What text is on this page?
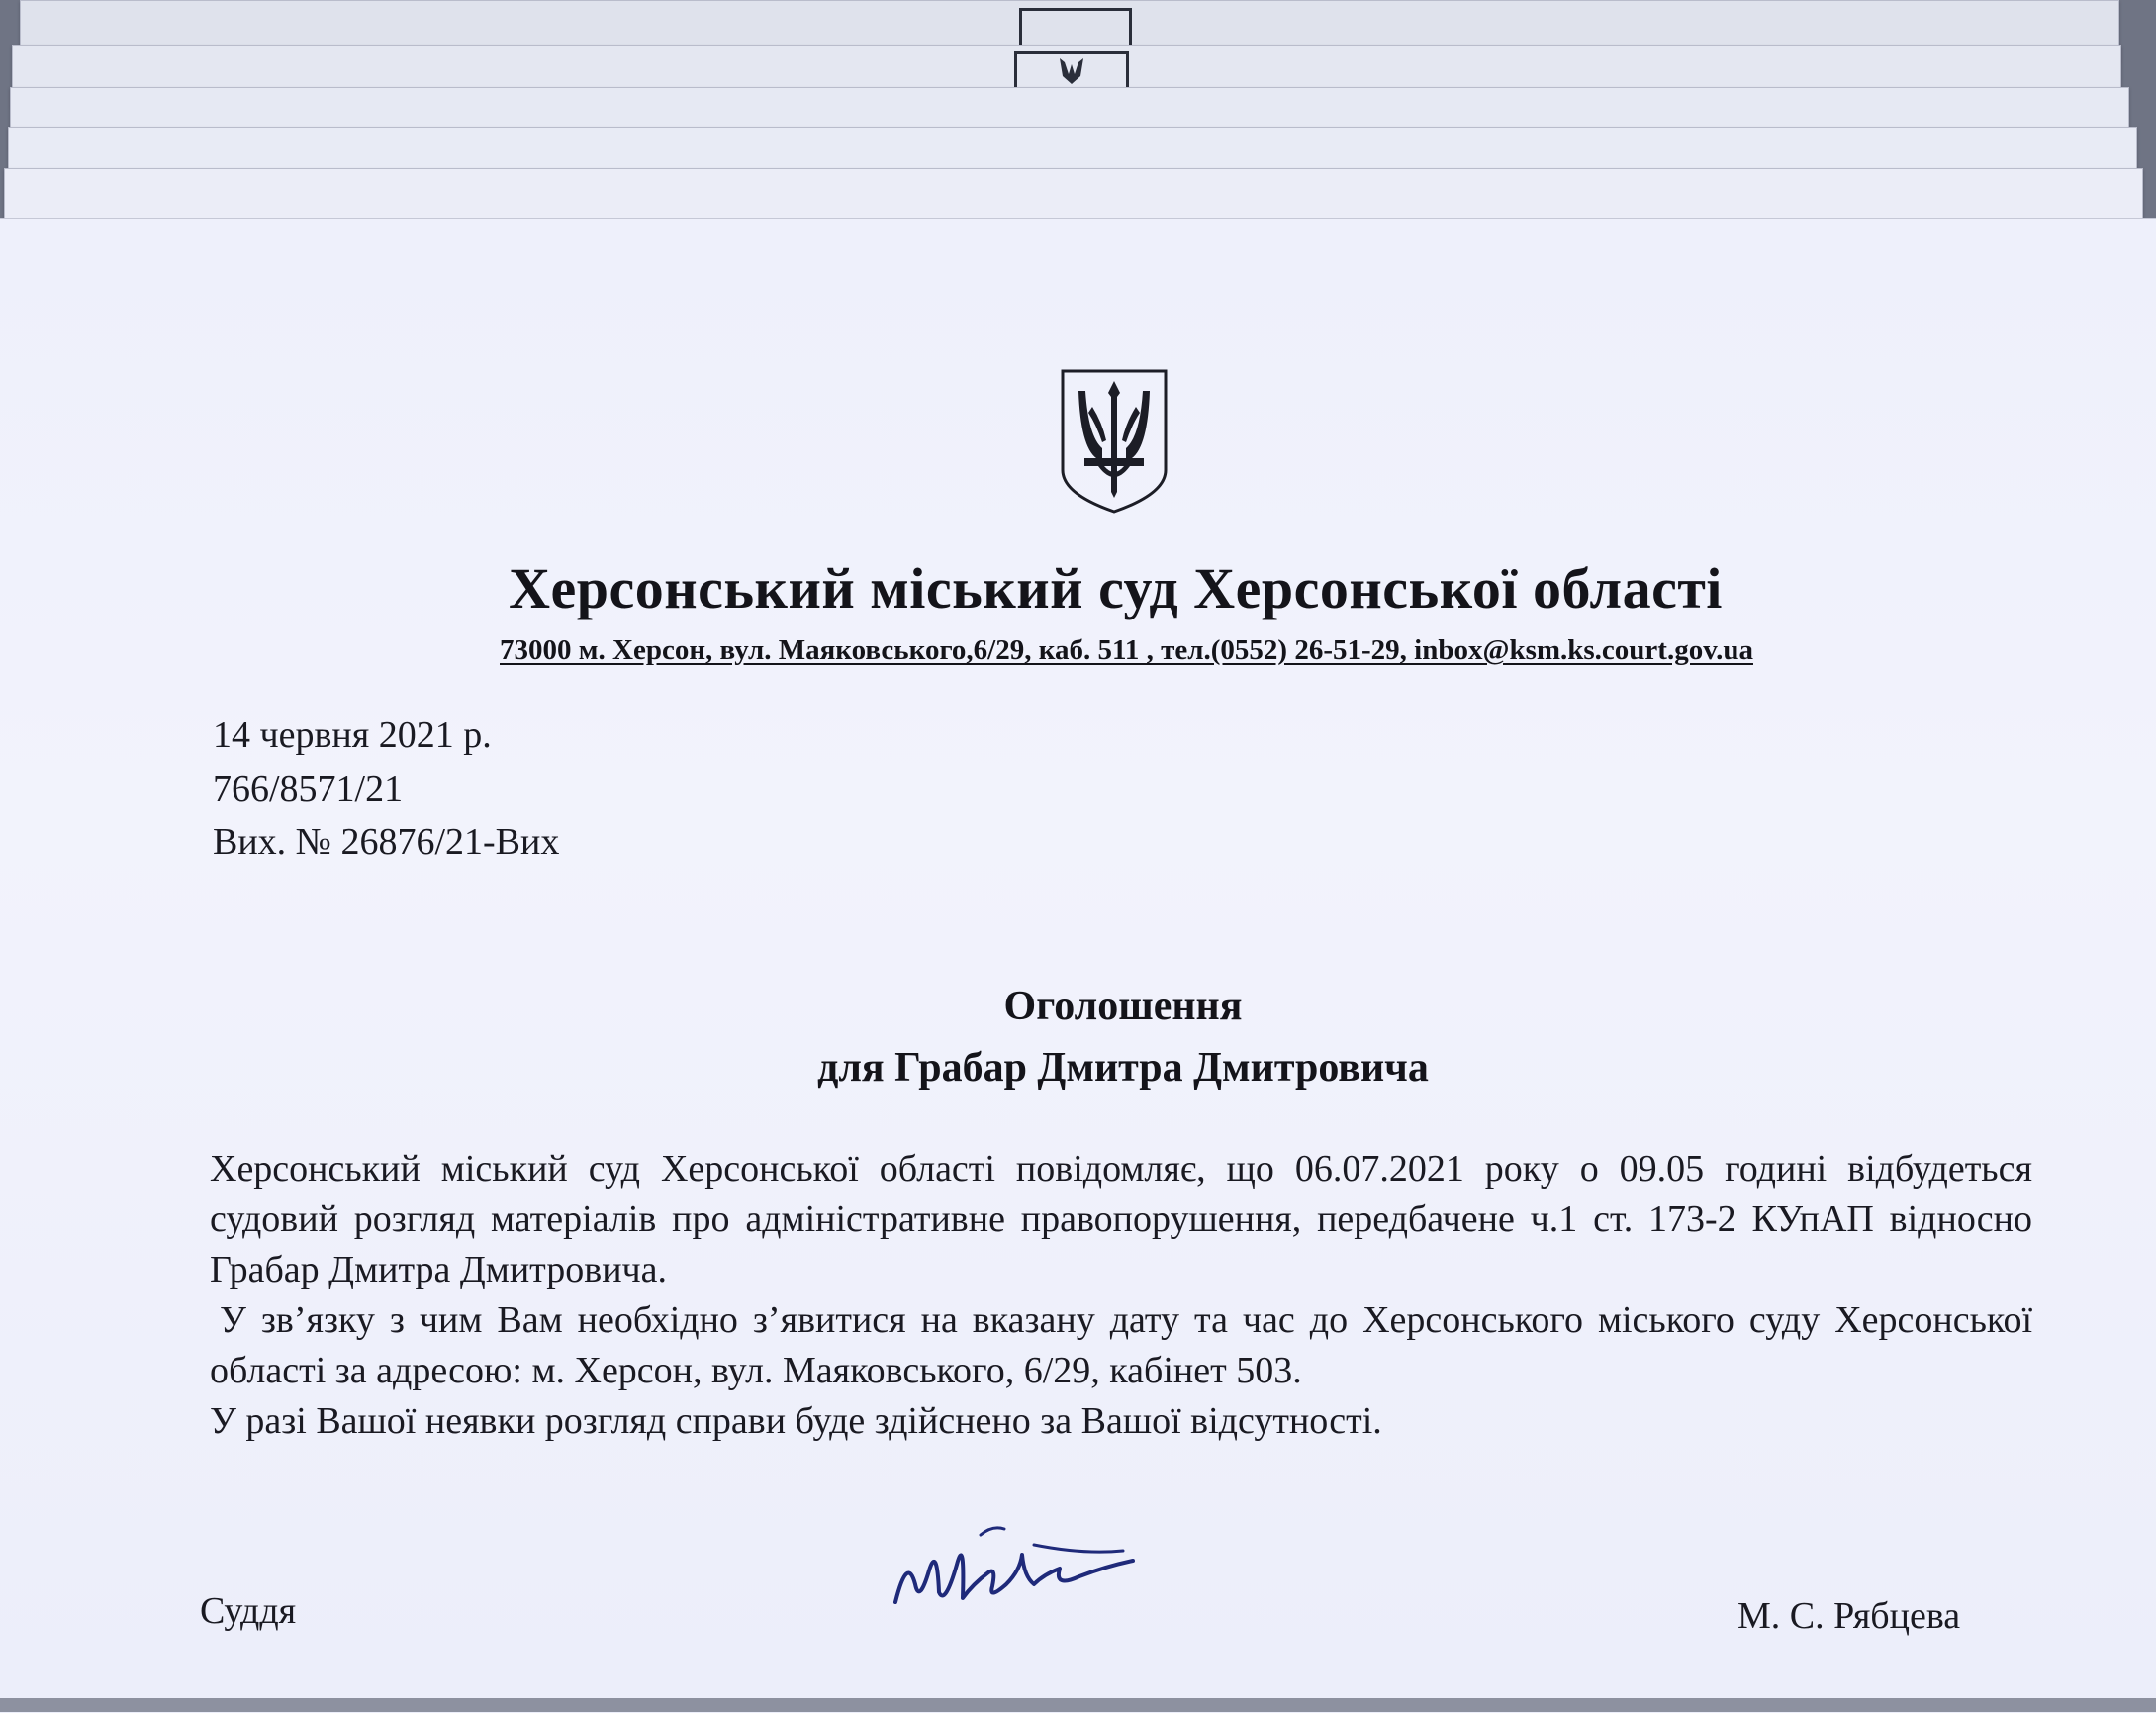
Херсонський міський суд Херсонської області
73000 м. Херсон, вул. Маяковського,6/29, каб. 511 , тел.(0552) 26-51-29, inbox@ksm.ks.court.gov.ua
14 червня 2021 р.
766/8571/21
Вих. № 26876/21-Вих
Оголошення
для Грабар Дмитра Дмитровича

Херсонський міський суд Херсонської області повідомляє, що 06.07.2021 року о 09.05 годині відбудеться судовий розгляд матеріалів про адміністративне правопорушення, передбачене ч.1 ст. 173-2 КУпАП відносно Грабар Дмитра Дмитровича.

У зв’язку з чим Вам необхідно з’явитися на вказану дату та час до Херсонського міського суду Херсонської області за адресою: м. Херсон, вул. Маяковського, 6/29, кабінет 503.

У разі Вашої неявки розгляд справи буде здійснено за Вашої відсутності.

Суддя	М. С. Рябцева
